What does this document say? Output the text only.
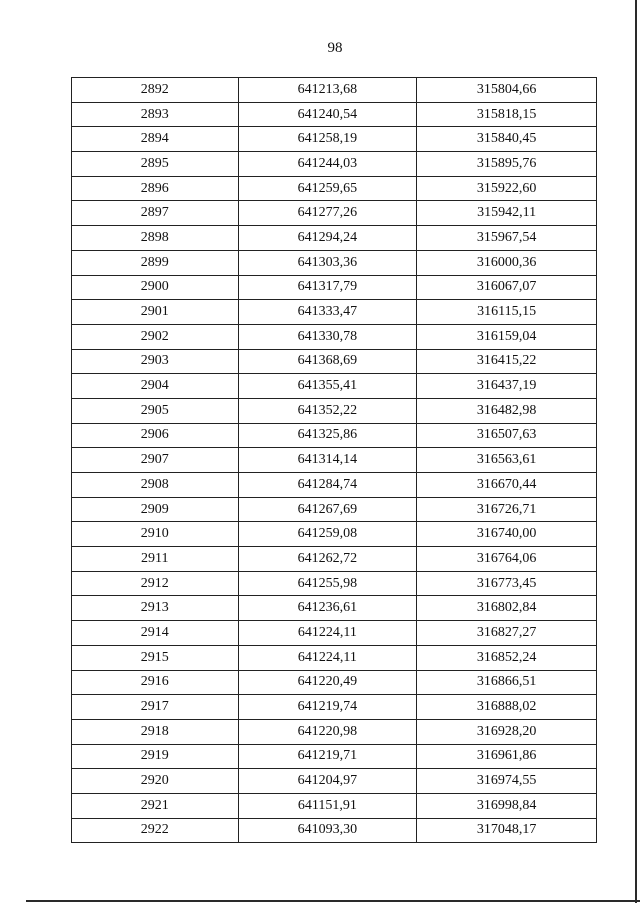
98
2892	641213,68	315804,66
2893	641240,54	315818,15
2894	641258,19	315840,45
2895	641244,03	315895,76
2896	641259,65	315922,60
2897	641277,26	315942,11
2898	641294,24	315967,54
2899	641303,36	316000,36
2900	641317,79	316067,07
2901	641333,47	316115,15
2902	641330,78	316159,04
2903	641368,69	316415,22
2904	641355,41	316437,19
2905	641352,22	316482,98
2906	641325,86	316507,63
2907	641314,14	316563,61
2908	641284,74	316670,44
2909	641267,69	316726,71
2910	641259,08	316740,00
2911	641262,72	316764,06
2912	641255,98	316773,45
2913	641236,61	316802,84
2914	641224,11	316827,27
2915	641224,11	316852,24
2916	641220,49	316866,51
2917	641219,74	316888,02
2918	641220,98	316928,20
2919	641219,71	316961,86
2920	641204,97	316974,55
2921	641151,91	316998,84
2922	641093,30	317048,17
